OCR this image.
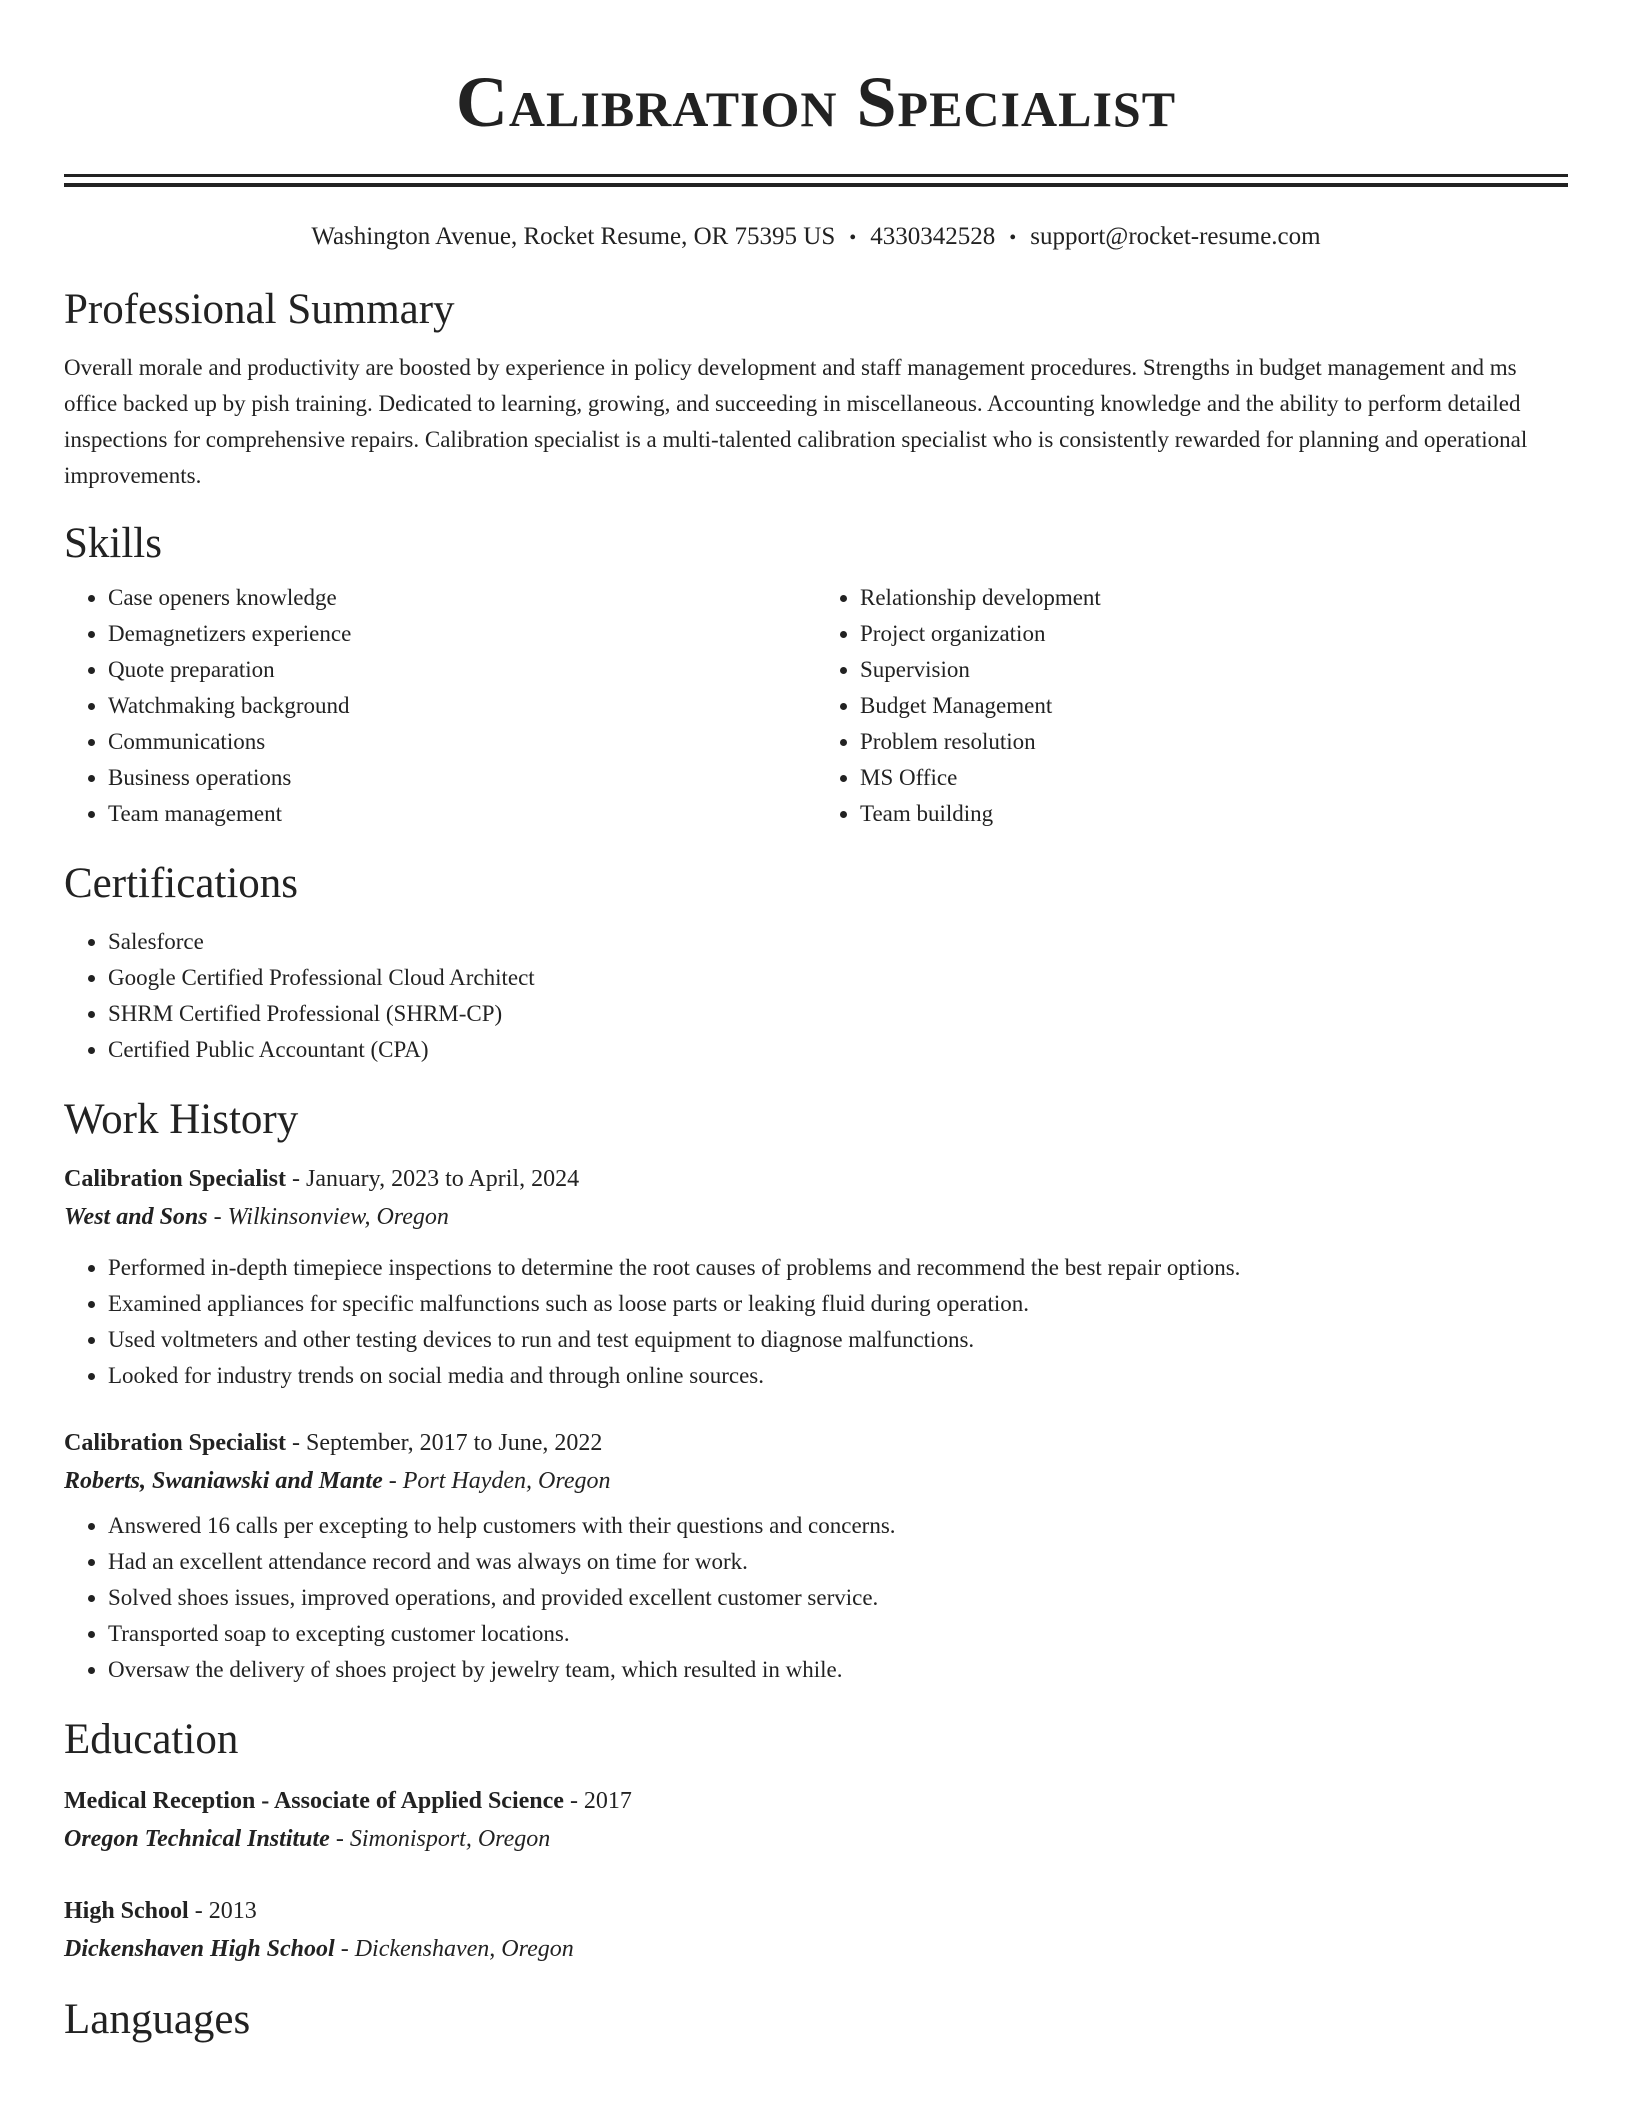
Calibration Specialist
Washington Avenue, Rocket Resume, OR 75395 US • 4330342528 • support@rocket-resume.com
Professional Summary

Overall morale and productivity are boosted by experience in policy development and staff management procedures. Strengths in budget management and ms office backed up by pish training. Dedicated to learning, growing, and succeeding in miscellaneous. Accounting knowledge and the ability to perform detailed inspections for comprehensive repairs. Calibration specialist is a multi-talented calibration specialist who is consistently rewarded for planning and operational improvements.

Skills
• Case openers knowledge
• Demagnetizers experience
• Quote preparation
• Watchmaking background
• Communications
• Business operations
• Team management
• Relationship development
• Project organization
• Supervision
• Budget Management
• Problem resolution
• MS Office
• Team building
Certifications
• Salesforce
• Google Certified Professional Cloud Architect
• SHRM Certified Professional (SHRM-CP)
• Certified Public Accountant (CPA)
Work History
Calibration Specialist - January, 2023 to April, 2024
West and Sons - Wilkinsonview, Oregon
• Performed in-depth timepiece inspections to determine the root causes of problems and recommend the best repair options.
• Examined appliances for specific malfunctions such as loose parts or leaking fluid during operation.
• Used voltmeters and other testing devices to run and test equipment to diagnose malfunctions.
• Looked for industry trends on social media and through online sources.
Calibration Specialist - September, 2017 to June, 2022
Roberts, Swaniawski and Mante - Port Hayden, Oregon
• Answered 16 calls per excepting to help customers with their questions and concerns.
• Had an excellent attendance record and was always on time for work.
• Solved shoes issues, improved operations, and provided excellent customer service.
• Transported soap to excepting customer locations.
• Oversaw the delivery of shoes project by jewelry team, which resulted in while.
Education
Medical Reception - Associate of Applied Science - 2017
Oregon Technical Institute - Simonisport, Oregon
High School - 2013
Dickenshaven High School - Dickenshaven, Oregon
Languages
